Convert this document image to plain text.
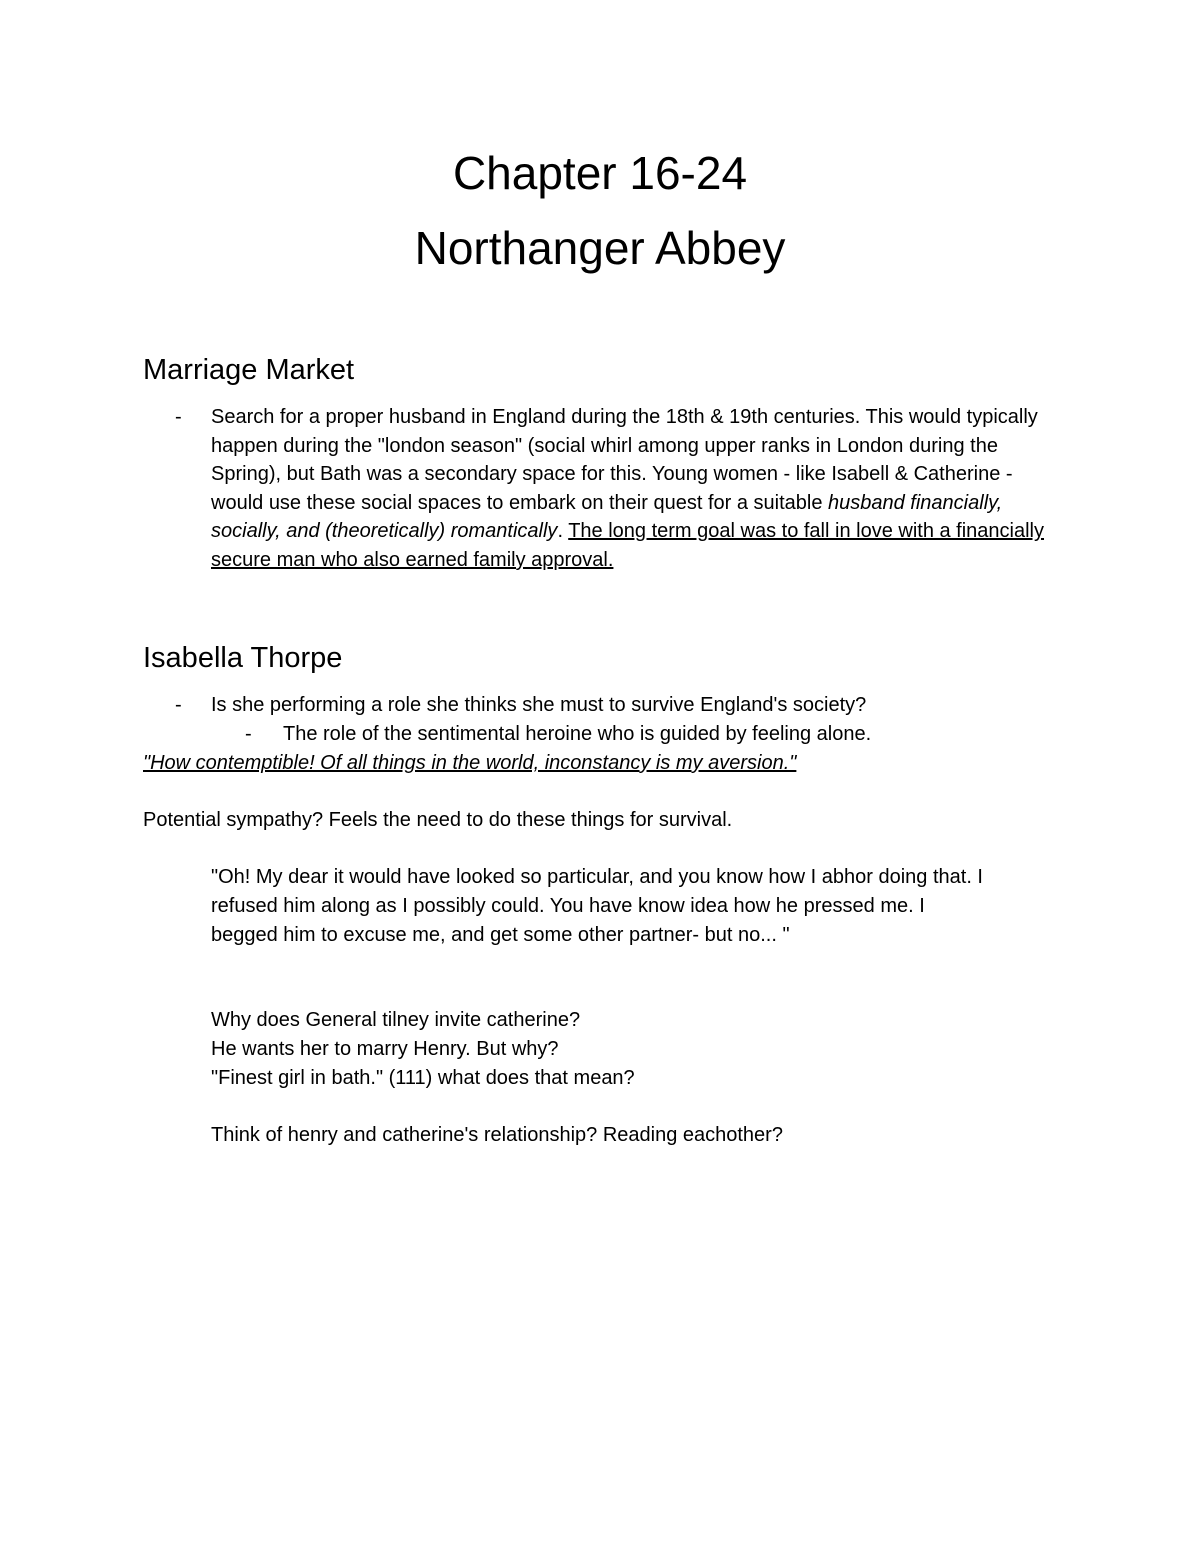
Chapter 16-24
Northanger Abbey
Marriage Market
- Search for a proper husband in England during the 18th & 19th centuries. This would typically happen during the "london season" (social whirl among upper ranks in London during the Spring), but Bath was a secondary space for this. Young women - like Isabell & Catherine - would use these social spaces to embark on their quest for a suitable husband financially, socially, and (theoretically) romantically. The long term goal was to fall in love with a financially secure man who also earned family approval.
Isabella Thorpe
- Is she performing a role she thinks she must to survive England's society?
- The role of the sentimental heroine who is guided by feeling alone.
"How contemptible! Of all things in the world, inconstancy is my aversion."
Potential sympathy? Feels the need to do these things for survival.
"Oh! My dear it would have looked so particular, and you know how I abhor doing that. I
refused him along as I possibly could. You have know idea how he pressed me. I
begged him to excuse me, and get some other partner- but no... "
Why does General tilney invite catherine?
He wants her to marry Henry. But why?
"Finest girl in bath." (111) what does that mean?
Think of henry and catherine's relationship? Reading eachother?
